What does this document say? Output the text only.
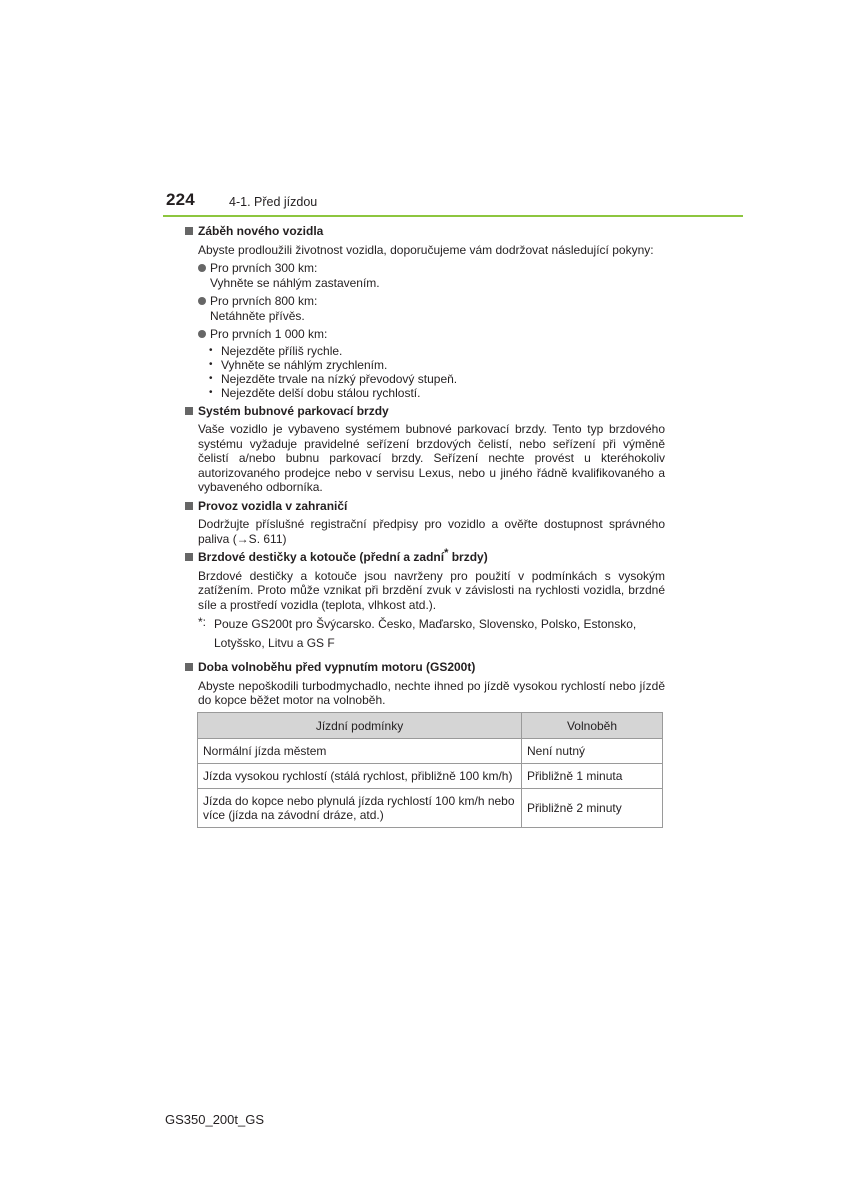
224	4-1. Před jízdou
Záběh nového vozidla
Abyste prodloužili životnost vozidla, doporučujeme vám dodržovat následující pokyny:
Pro prvních 300 km:
Vyhněte se náhlým zastavením.
Pro prvních 800 km:
Netáhněte přívěs.
Pro prvních 1 000 km:
• Nejezděte příliš rychle.
• Vyhněte se náhlým zrychlením.
• Nejezděte trvale na nízký převodový stupeň.
• Nejezděte delší dobu stálou rychlostí.
Systém bubnové parkovací brzdy
Vaše vozidlo je vybaveno systémem bubnové parkovací brzdy. Tento typ brzdového systému vyžaduje pravidelné seřízení brzdových čelistí, nebo seřízení při výměně čelistí a/nebo bubnu parkovací brzdy. Seřízení nechte provést u kteréhokoliv autorizovaného prodejce nebo v servisu Lexus, nebo u jiného řádně kvalifikovaného a vybaveného odborníka.
Provoz vozidla v zahraničí
Dodržujte příslušné registrační předpisy pro vozidlo a ověřte dostupnost správného paliva (→S. 611)
Brzdové destičky a kotouče (přední a zadní* brzdy)
Brzdové destičky a kotouče jsou navrženy pro použití v podmínkách s vysokým zatížením. Proto může vznikat při brzdění zvuk v závislosti na rychlosti vozidla, brzdné síle a prostředí vozidla (teplota, vlhkost atd.).
*: Pouze GS200t pro Švýcarsko. Česko, Maďarsko, Slovensko, Polsko, Estonsko, Lotyšsko, Litvu a GS F
Doba volnoběhu před vypnutím motoru (GS200t)
Abyste nepoškodili turbodmychadlo, nechte ihned po jízdě vysokou rychlostí nebo jízdě do kopce běžet motor na volnoběh.
Jízdní podmínky	Volnoběh
Normální jízda městem	Není nutný
Jízda vysokou rychlostí (stálá rychlost, přibližně 100 km/h)	Přibližně 1 minuta
Jízda do kopce nebo plynulá jízda rychlostí 100 km/h nebo více (jízda na závodní dráze, atd.)	Přibližně 2 minuty
GS350_200t_GS
